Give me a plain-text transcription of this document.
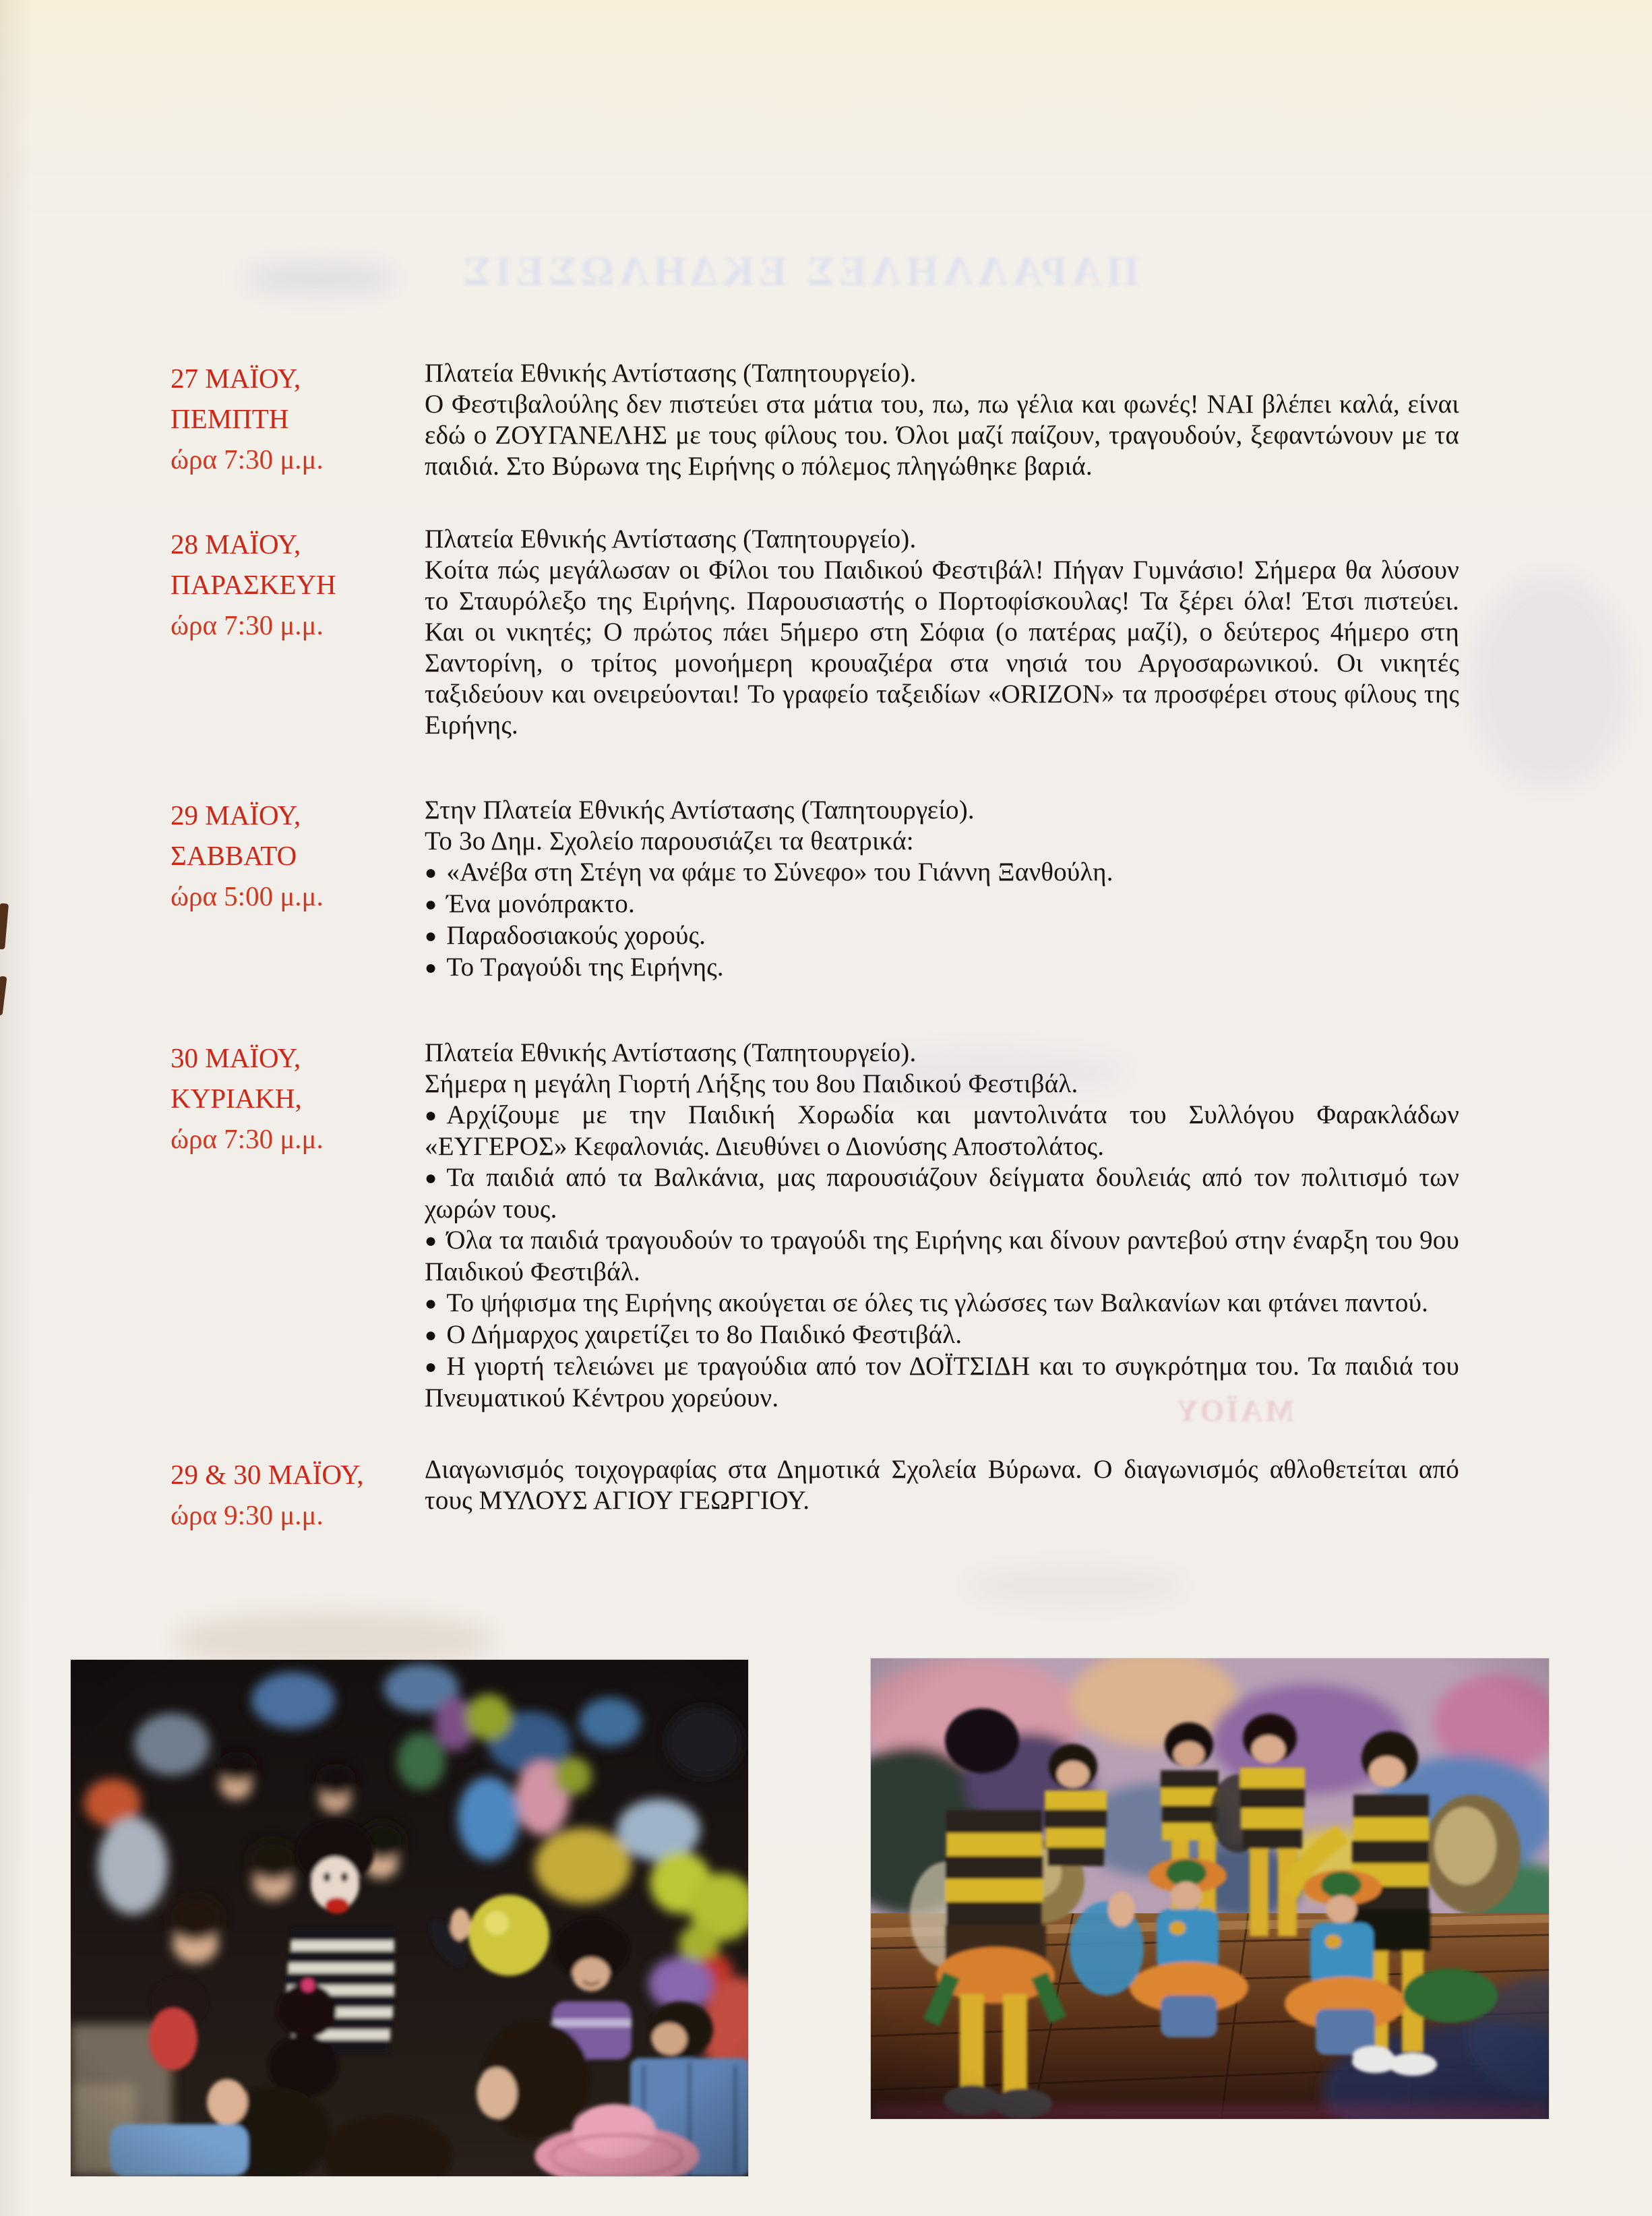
ΠΑΡΑΛΛΗΛΕΣ ΕΚΔΗΛΩΣΕΙΣ
ΜΑΪΟΥ
27 ΜΑΪΟΥ,
ΠΕΜΠΤΗ
ώρα 7:30 μ.μ.
Πλατεία Εθνικής Αντίστασης (Ταπητουργείο).
Ο Φεστιβαλούλης δεν πιστεύει στα μάτια του, πω, πω γέλια και φωνές! ΝΑΙ βλέπει καλά, είναι εδώ ο ΖΟΥΓΑΝΕΛΗΣ με τους φίλους του. Όλοι μαζί παίζουν, τραγουδούν, ξεφαντώνουν με τα παιδιά. Στο Βύρωνα της Ειρήνης ο πόλεμος πληγώθηκε βαριά.
28 ΜΑΪΟΥ,
ΠΑΡΑΣΚΕΥΗ
ώρα 7:30 μ.μ.
Πλατεία Εθνικής Αντίστασης (Ταπητουργείο).
Κοίτα πώς μεγάλωσαν οι Φίλοι του Παιδικού Φεστιβάλ! Πήγαν Γυμνάσιο! Σήμερα θα λύσουν το Σταυρόλεξο της Ειρήνης. Παρουσιαστής ο Πορτοφίσκουλας! Τα ξέρει όλα! Έτσι πιστεύει. Και οι νικητές; Ο πρώτος πάει 5ήμερο στη Σόφια (ο πατέρας μαζί), ο δεύτερος 4ήμερο στη Σαντορίνη, ο τρίτος μονοήμερη κρουαζιέρα στα νησιά του Αργοσαρωνικού. Οι νικητές ταξιδεύουν και ονειρεύονται! Το γραφείο ταξειδίων «ORIZON» τα προσφέρει στους φίλους της Ειρήνης.
29 ΜΑΪΟΥ,
ΣΑΒΒΑΤΟ
ώρα 5:00 μ.μ.
Στην Πλατεία Εθνικής Αντίστασης (Ταπητουργείο).
Το 3ο Δημ. Σχολείο παρουσιάζει τα θεατρικά:
● «Ανέβα στη Στέγη να φάμε το Σύνεφο» του Γιάννη Ξανθούλη.
● Ένα μονόπρακτο.
● Παραδοσιακούς χορούς.
● Το Τραγούδι της Ειρήνης.
30 ΜΑΪΟΥ,
ΚΥΡΙΑΚΗ,
ώρα 7:30 μ.μ.
Πλατεία Εθνικής Αντίστασης (Ταπητουργείο).
Σήμερα η μεγάλη Γιορτή Λήξης του 8ου Παιδικού Φεστιβάλ.
● Αρχίζουμε με την Παιδική Χορωδία και μαντολινάτα του Συλλόγου Φαρακλάδων «ΕΥΓΕΡΟΣ» Κεφαλονιάς. Διευθύνει ο Διονύσης Αποστολάτος.
● Τα παιδιά από τα Βαλκάνια, μας παρουσιάζουν δείγματα δουλειάς από τον πολιτισμό των χωρών τους.
● Όλα τα παιδιά τραγουδούν το τραγούδι της Ειρήνης και δίνουν ραντεβού στην έναρξη του 9ου Παιδικού Φεστιβάλ.
● Το ψήφισμα της Ειρήνης ακούγεται σε όλες τις γλώσσες των Βαλκανίων και φτάνει παντού.
● Ο Δήμαρχος χαιρετίζει το 8ο Παιδικό Φεστιβάλ.
● Η γιορτή τελειώνει με τραγούδια από τον ΔΟΪΤΣΙΔΗ και το συγκρότημα του. Τα παιδιά του Πνευματικού Κέντρου χορεύουν.
29 & 30 ΜΑΪΟΥ,
ώρα 9:30 μ.μ.
Διαγωνισμός τοιχογραφίας στα Δημοτικά Σχολεία Βύρωνα. Ο διαγωνισμός αθλοθετείται από τους ΜΥΛΟΥΣ ΑΓΙΟΥ ΓΕΩΡΓΙΟΥ.
